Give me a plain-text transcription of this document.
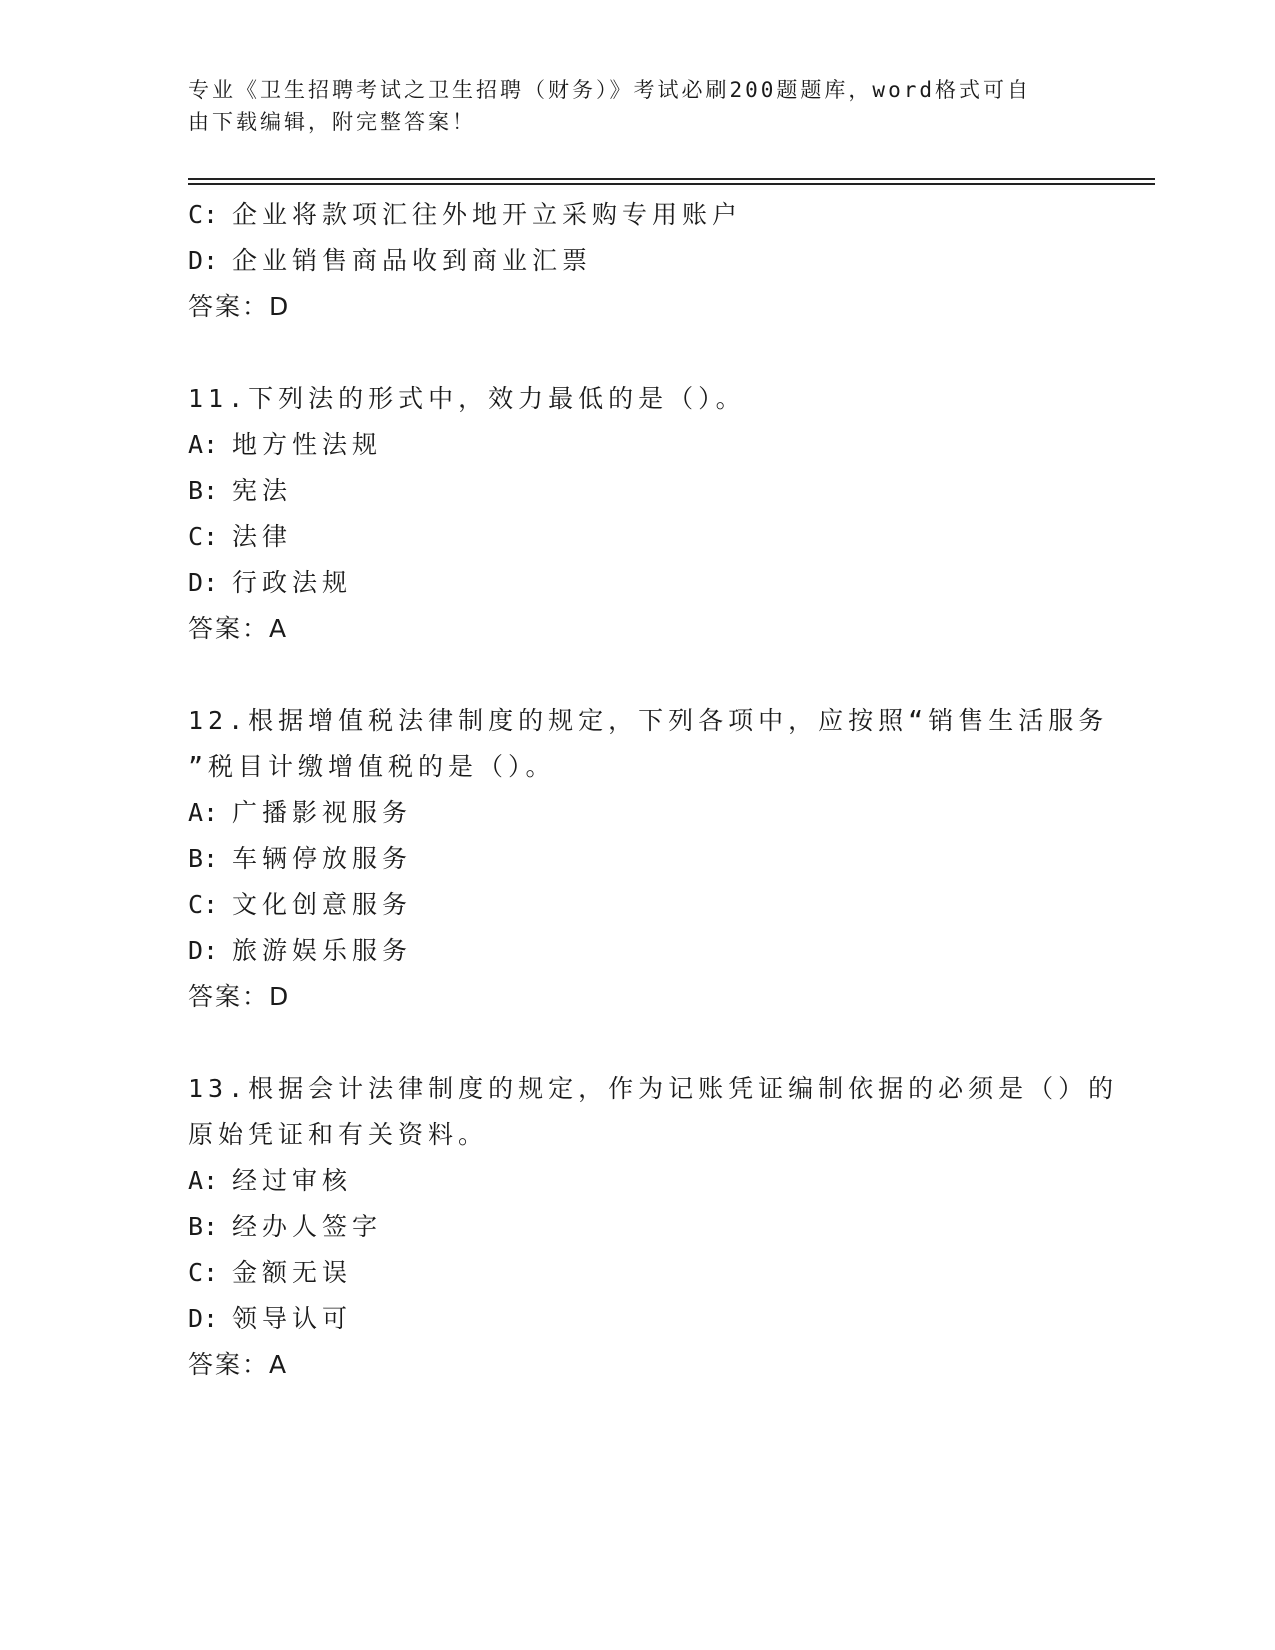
专业《卫生招聘考试之卫生招聘（财务）》考试必刷200题题库，word格式可自
由下载编辑，附完整答案！
C: 企业将款项汇往外地开立采购专用账户
D: 企业销售商品收到商业汇票
答案：D
11.下列法的形式中，效力最低的是（）。
A: 地方性法规
B: 宪法
C: 法律
D: 行政法规
答案：A
12.根据增值税法律制度的规定，下列各项中，应按照“销售生活服务
”税目计缴增值税的是（）。
A: 广播影视服务
B: 车辆停放服务
C: 文化创意服务
D: 旅游娱乐服务
答案：D
13.根据会计法律制度的规定，作为记账凭证编制依据的必须是（）的
原始凭证和有关资料。
A: 经过审核
B: 经办人签字
C: 金额无误
D: 领导认可
答案：A
